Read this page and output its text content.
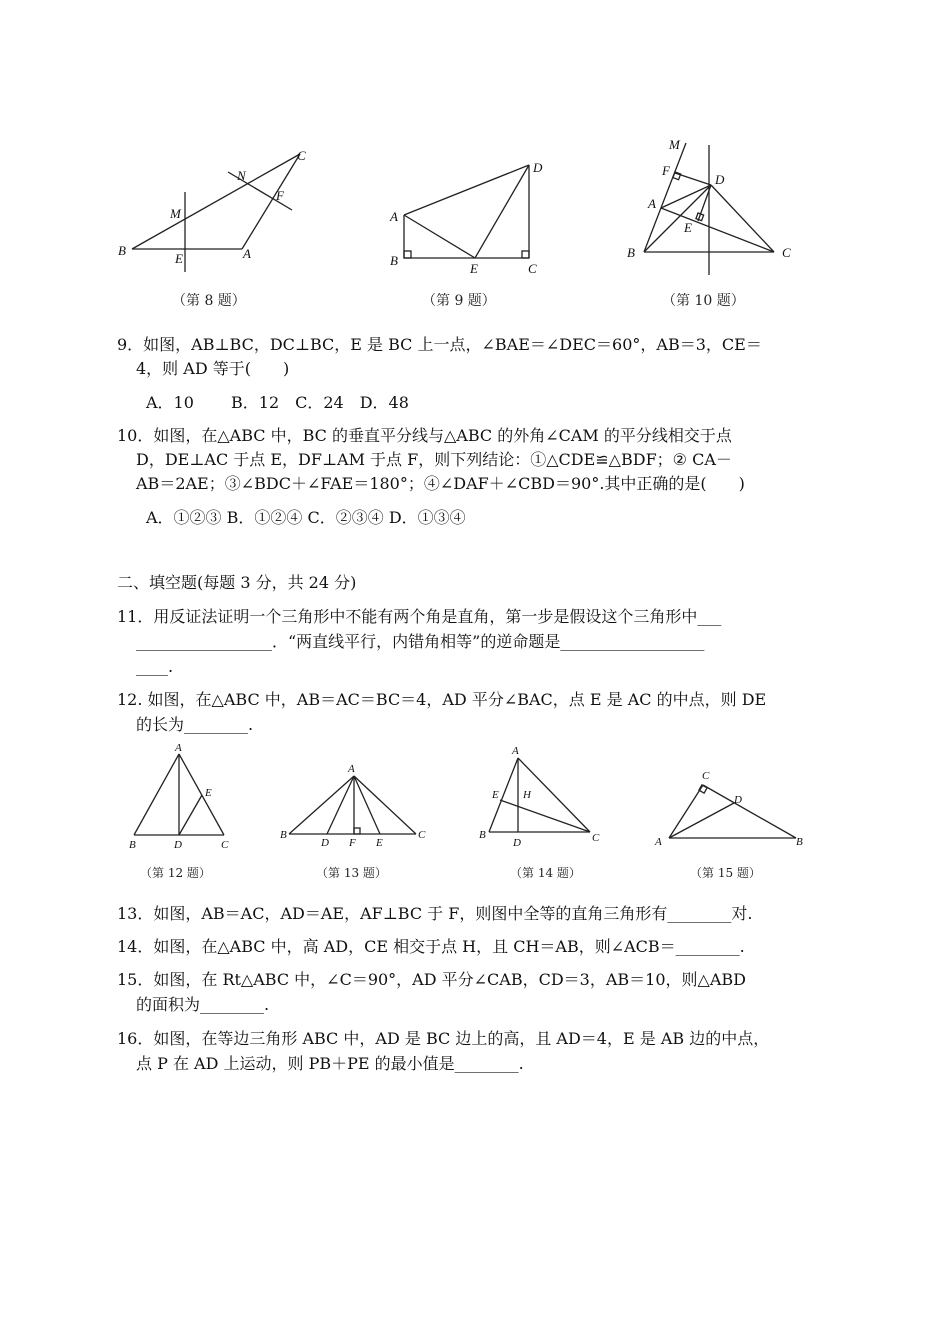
B
E	A
M
N
F
C
（第 8 题）
A
B
E	C
D
（第 9 题）
M
F
D
A
E
B	C
（第 10 题）
9．如图，AB⊥BC，DC⊥BC，E 是 BC 上一点，∠BAE＝∠DEC＝60°，AB＝3，CE＝
4，则 AD 等于(　　)
A．10　　 B．12　C．24　D．48
10．如图，在△ABC 中，BC 的垂直平分线与△ABC 的外角∠CAM 的平分线相交于点
D，DE⊥AC 于点 E，DF⊥AM 于点 F，则下列结论：①△CDE≌△BDF；② CA－
AB＝2AE；③∠BDC＋∠FAE＝180°；④∠DAF＋∠CBD＝90°.其中正确的是(　　)
A．①②③ B．①②④ C．②③④ D．①③④
二、填空题(每题 3 分，共 24 分)
11．用反证法证明一个三角形中不能有两个角是直角，第一步是假设这个三角形中___
_________________．“两直线平行，内错角相等”的逆命题是__________________
____.
12. 如图，在△ABC 中，AB＝AC＝BC＝4，AD 平分∠BAC，点 E 是 AC 的中点，则 DE
的长为________.
A
B	D	C
E
（第 12 题）
A
B
D F E
C
（第 13 题）
A
E H
B
D	C
（第 14 题）
C
D
A	B
（第 15 题）
13．如图，AB＝AC，AD＝AE，AF⊥BC 于 F，则图中全等的直角三角形有________对.
14．如图，在△ABC 中，高 AD，CE 相交于点 H，且 CH＝AB，则∠ACB＝________.
15．如图，在 Rt△ABC 中，∠C＝90°，AD 平分∠CAB，CD＝3，AB＝10，则△ABD
的面积为________.
16．如图，在等边三角形 ABC 中，AD 是 BC 边上的高，且 AD＝4，E 是 AB 边的中点，
点 P 在 AD 上运动，则 PB＋PE 的最小值是________.
